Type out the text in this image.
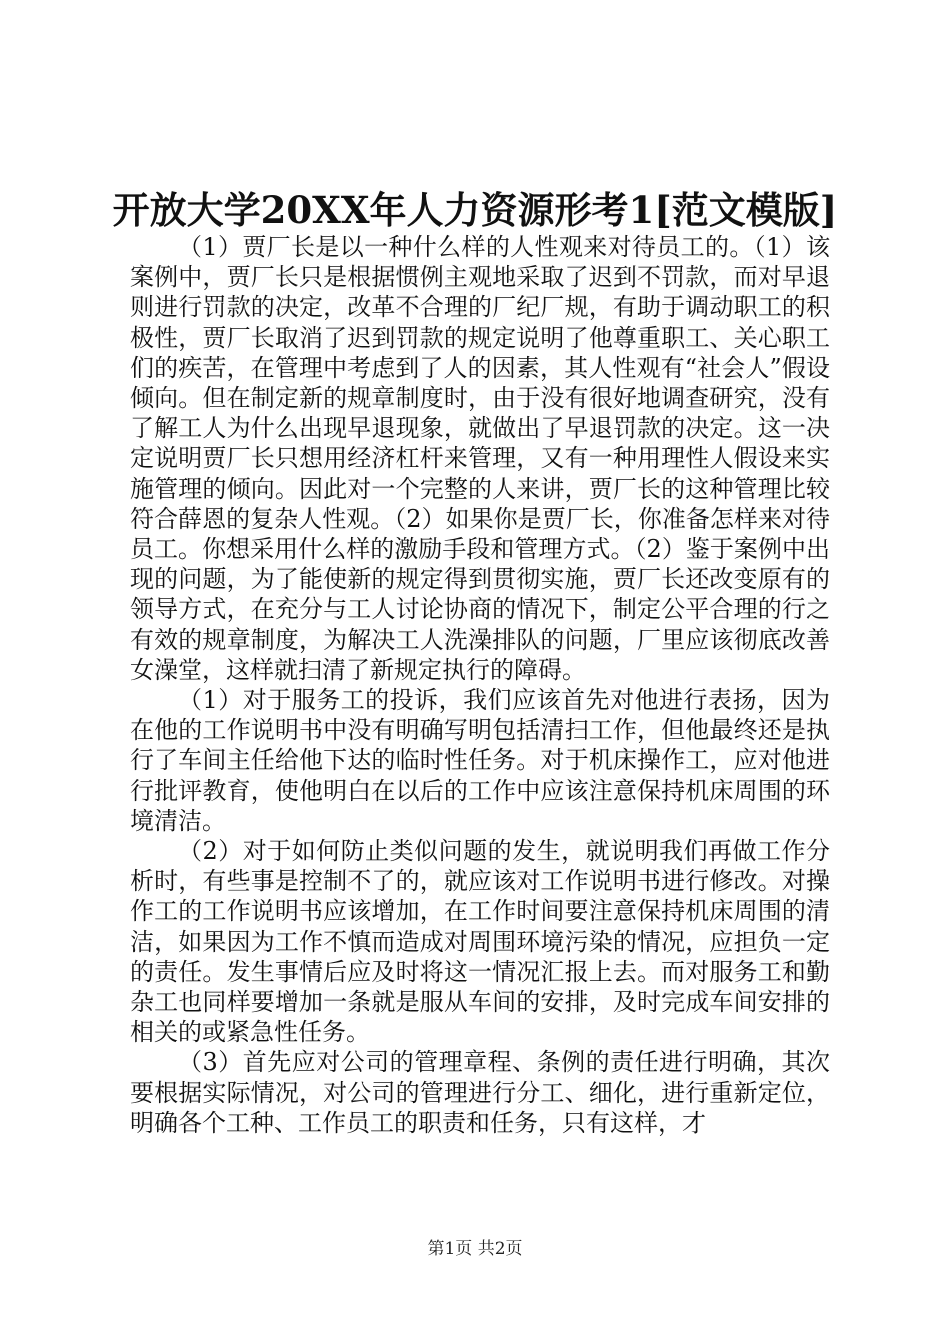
开放大学20XX年人力资源形考1[范文模版]

（1）贾厂长是以一种什么样的人性观来对待员工的。（1）该案例中，贾厂长只是根据惯例主观地采取了迟到不罚款，而对早退则进行罚款的决定，改革不合理的厂纪厂规，有助于调动职工的积极性，贾厂长取消了迟到罚款的规定说明了他尊重职工、关心职工们的疾苦，在管理中考虑到了人的因素，其人性观有“社会人”假设倾向。但在制定新的规章制度时，由于没有很好地调查研究，没有了解工人为什么出现早退现象，就做出了早退罚款的决定。这一决定说明贾厂长只想用经济杠杆来管理，又有一种用理性人假设来实施管理的倾向。因此对一个完整的人来讲，贾厂长的这种管理比较符合薛恩的复杂人性观。（2）如果你是贾厂长，你准备怎样来对待员工。你想采用什么样的激励手段和管理方式。（2）鉴于案例中出现的问题，为了能使新的规定得到贯彻实施，贾厂长还改变原有的领导方式，在充分与工人讨论协商的情况下，制定公平合理的行之有效的规章制度，为解决工人洗澡排队的问题，厂里应该彻底改善女澡堂，这样就扫清了新规定执行的障碍。

（1）对于服务工的投诉，我们应该首先对他进行表扬，因为在他的工作说明书中没有明确写明包括清扫工作，但他最终还是执行了车间主任给他下达的临时性任务。对于机床操作工，应对他进行批评教育，使他明白在以后的工作中应该注意保持机床周围的环境清洁。

（2）对于如何防止类似问题的发生，就说明我们再做工作分析时，有些事是控制不了的，就应该对工作说明书进行修改。对操作工的工作说明书应该增加，在工作时间要注意保持机床周围的清洁，如果因为工作不慎而造成对周围环境污染的情况，应担负一定的责任。发生事情后应及时将这一情况汇报上去。而对服务工和勤杂工也同样要增加一条就是服从车间的安排，及时完成车间安排的相关的或紧急性任务。

（3）首先应对公司的管理章程、条例的责任进行明确，其次要根据实际情况，对公司的管理进行分工、细化，进行重新定位，明确各个工种、工作员工的职责和任务，只有这样，才

第1页 共2页
